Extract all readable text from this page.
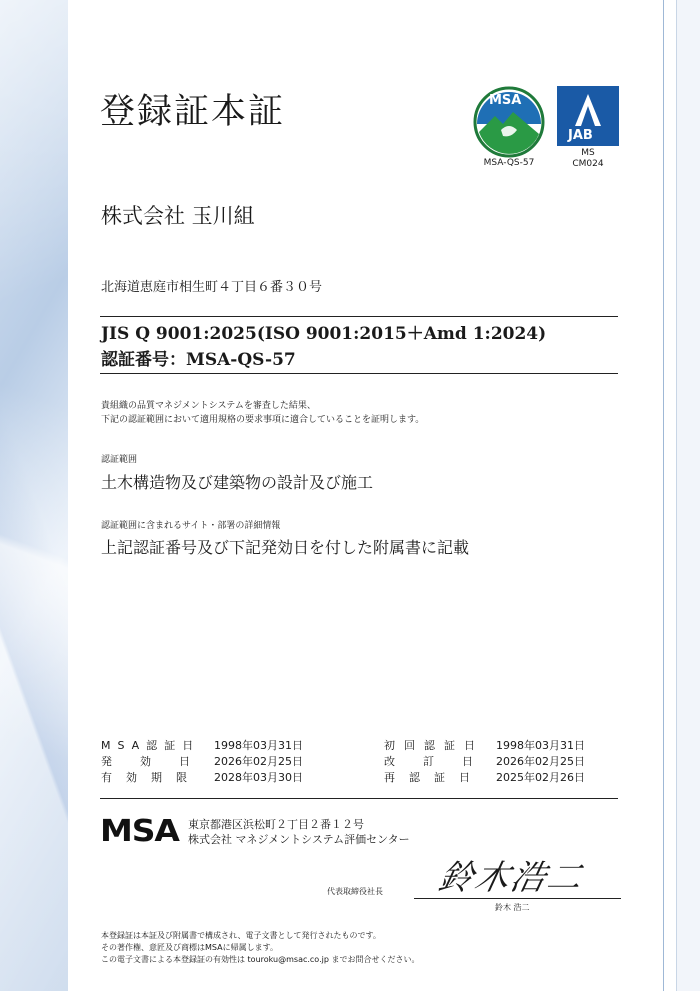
登録証本証	MSA
MSA-QS-57
JAB
MS
CM024
株式会社 玉川組
北海道恵庭市相生町４丁目６番３０号
JIS Q 9001:2025(ISO 9001:2015＋Amd 1:2024)
認証番号：MSA-QS-57
貴組織の品質マネジメントシステムを審査した結果、
下記の認証範囲において適用規格の要求事項に適合していることを証明します。
認証範囲
土木構造物及び建築物の設計及び施工
認証範囲に含まれるサイト・部署の詳細情報
上記認証番号及び下記発効日を付した附属書に記載
MSA認証日 1998年03月31日
発効日
2026年02月25日
有効期限 2028年03月30日
初回認証日 1998年03月31日
改訂日
2026年02月25日
再認証日 2025年02月26日
MSA 東京都港区浜松町２丁目２番１２号
株式会社 マネジメントシステム評価センター
代表取締役社長 鈴木浩二
鈴木 浩二
本登録証は本証及び附属書で構成され、電子文書として発行されたものです。
その著作権、意匠及び商標はMSAに帰属します。
この電子文書による本登録証の有効性は touroku@msac.co.jp までお問合せください。
